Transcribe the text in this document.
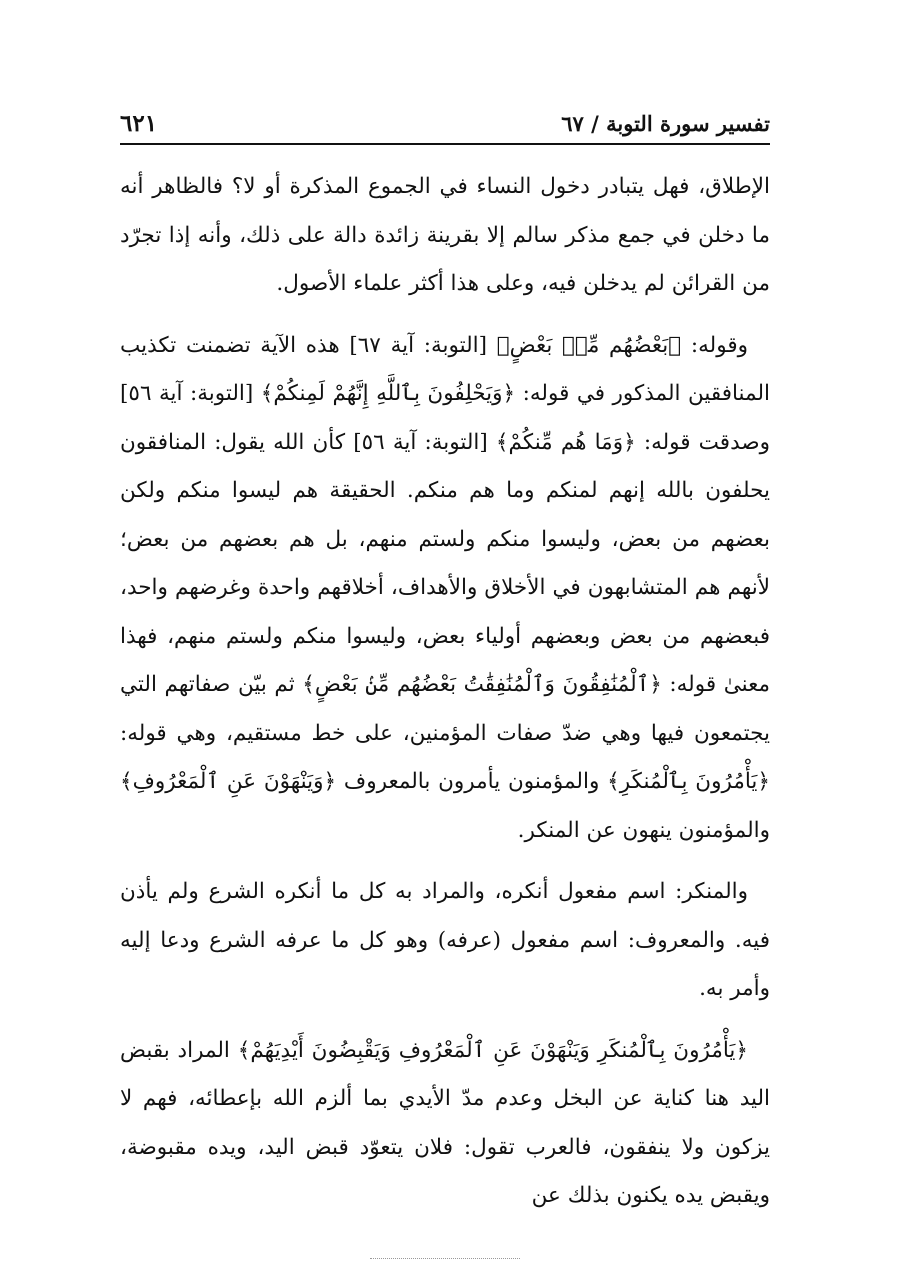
تفسير سورة التوبة / ٦٧
٦٢١

الإطلاق، فهل يتبادر دخول النساء في الجموع المذكرة أو لا؟ فالظاهر أنه ما دخلن في جمع مذكر سالم إلا بقرينة زائدة دالة على ذلك، وأنه إذا تجرّد من القرائن لم يدخلن فيه، وعلى هذا أكثر علماء الأصول.

وقوله: ﴿بَعْضُهُم مِّنۢ بَعْضٍ﴾ [التوبة: آية ٦٧] هذه الآية تضمنت تكذيب المنافقين المذكور في قوله: ﴿وَيَحْلِفُونَ بِٱللَّهِ إِنَّهُمْ لَمِنكُمْ﴾ [التوبة: آية ٥٦] وصدقت قوله: ﴿وَمَا هُم مِّنكُمْ﴾ [التوبة: آية ٥٦] كأن الله يقول: المنافقون يحلفون بالله إنهم لمنكم وما هم منكم. الحقيقة هم ليسوا منكم ولكن بعضهم من بعض، وليسوا منكم ولستم منهم، بل هم بعضهم من بعض؛ لأنهم هم المتشابهون في الأخلاق والأهداف، أخلاقهم واحدة وغرضهم واحد، فبعضهم من بعض وبعضهم أولياء بعض، وليسوا منكم ولستم منهم، فهذا معنىٰ قوله: ﴿ٱلْمُنَٰفِقُونَ وَٱلْمُنَٰفِقَٰتُ بَعْضُهُم مِّنۢ بَعْضٍ﴾ ثم بيّن صفاتهم التي يجتمعون فيها وهي ضدّ صفات المؤمنين، على خط مستقيم، وهي قوله: ﴿يَأْمُرُونَ بِٱلْمُنكَرِ﴾ والمؤمنون يأمرون بالمعروف ﴿وَيَنْهَوْنَ عَنِ ٱلْمَعْرُوفِ﴾ والمؤمنون ينهون عن المنكر.

والمنكر: اسم مفعول أنكره، والمراد به كل ما أنكره الشرع ولم يأذن فيه. والمعروف: اسم مفعول (عرفه) وهو كل ما عرفه الشرع ودعا إليه وأمر به.

﴿يَأْمُرُونَ بِٱلْمُنكَرِ وَيَنْهَوْنَ عَنِ ٱلْمَعْرُوفِ وَيَقْبِضُونَ أَيْدِيَهُمْ﴾ المراد بقبض اليد هنا كناية عن البخل وعدم مدّ الأيدي بما ألزم الله بإعطائه، فهم لا يزكون ولا ينفقون، فالعرب تقول: فلان يتعوّد قبض اليد، ويده مقبوضة، ويقبض يده يكنون بذلك عن
